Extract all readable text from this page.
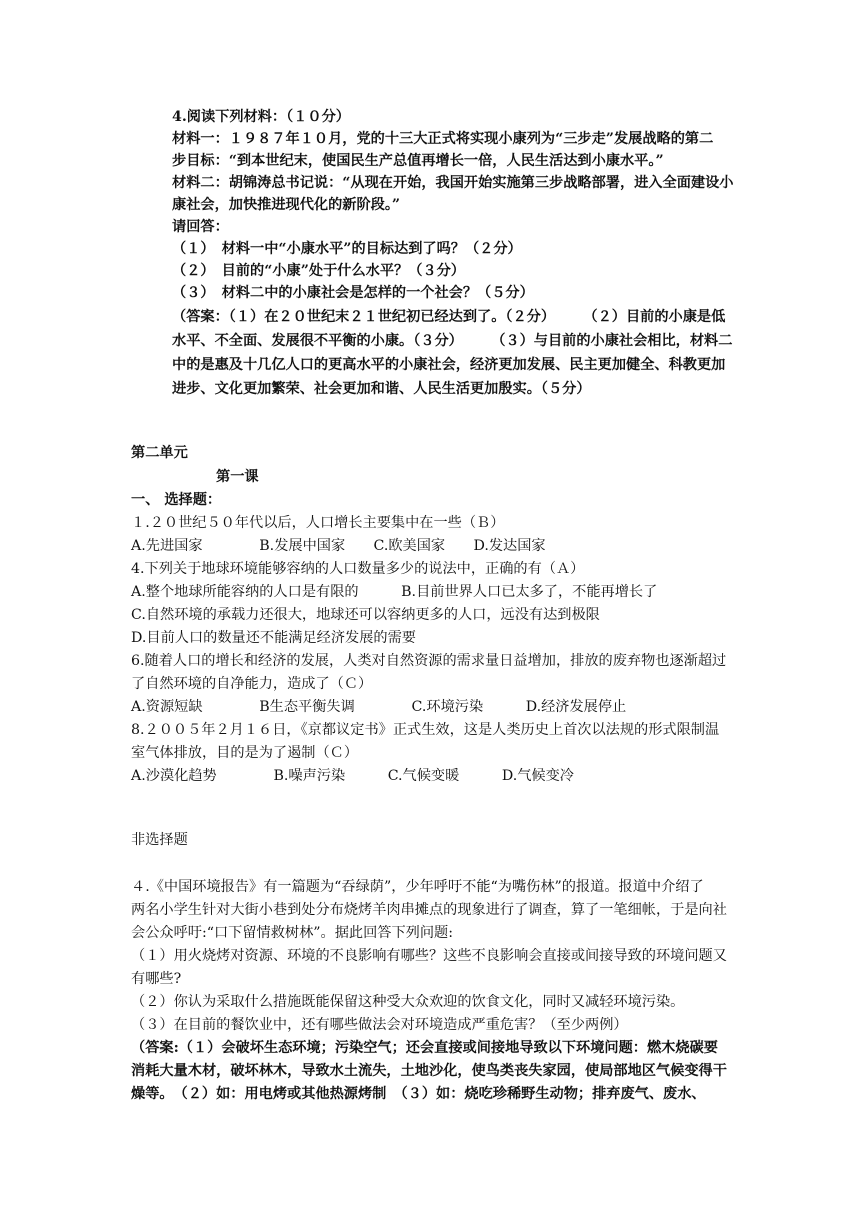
4.阅读下列材料：（１０分）
材料一：１９８７年１０月，党的十三大正式将实现小康列为“三步走”发展战略的第二
步目标：“到本世纪末，使国民生产总值再增长一倍，人民生活达到小康水平。”
材料二：胡锦涛总书记说：“从现在开始，我国开始实施第三步战略部署，进入全面建设小
康社会，加快推进现代化的新阶段。”
请回答：
（１）　材料一中“小康水平”的目标达到了吗？（２分）
（２）　目前的“小康”处于什么水平？（３分）
（３）　材料二中的小康社会是怎样的一个社会？（５分）
（答案：（１）在２０世纪末２１世纪初已经达到了。（２分）　　　（２）目前的小康是低
水平、不全面、发展很不平衡的小康。（３分）　　　（３）与目前的小康社会相比，材料二
中的是惠及十几亿人口的更高水平的小康社会，经济更加发展、民主更加健全、科教更加
进步、文化更加繁荣、社会更加和谐、人民生活更加殷实。（５分）
第二单元
第一课
一、 选择题：
１.２０世纪５０年代以后，人口增长主要集中在一些（Ｂ）
A.先进国家　　　　B.发展中国家　　C.欧美国家　　D.发达国家
4.下列关于地球环境能够容纳的人口数量多少的说法中，正确的有（Ａ）
A.整个地球所能容纳的人口是有限的　　　B.目前世界人口已太多了，不能再增长了
C.自然环境的承载力还很大，地球还可以容纳更多的人口，远没有达到极限
D.目前人口的数量还不能满足经济发展的需要
6.随着人口的增长和经济的发展，人类对自然资源的需求量日益增加，排放的废弃物也逐渐超过
了自然环境的自净能力，造成了（Ｃ）
A.资源短缺　　　　B生态平衡失调　　　　C.环境污染　　　D.经济发展停止
8.２００５年２月１６日，《京都议定书》正式生效，这是人类历史上首次以法规的形式限制温
室气体排放，目的是为了遏制（Ｃ）
A.沙漠化趋势　　　　B.噪声污染　　　C.气候变暖　　　D.气候变冷
非选择题
４.《中国环境报告》有一篇题为“吞绿荫”，少年呼吁不能“为嘴伤林”的报道。报道中介绍了
两名小学生针对大街小巷到处分布烧烤羊肉串摊点的现象进行了调查，算了一笔细帐，于是向社
会公众呼吁:“口下留情救树林”。据此回答下列问题:
（１）用火烧烤对资源、环境的不良影响有哪些？这些不良影响会直接或间接导致的环境问题又
有哪些?
（２）你认为采取什么措施既能保留这种受大众欢迎的饮食文化，同时又减轻环境污染。
（３）在目前的餐饮业中，还有哪些做法会对环境造成严重危害？（至少两例）
（答案:（１）会破坏生态环境；污染空气；还会直接或间接地导致以下环境问题：燃木烧碳要
消耗大量木材，破坏林木，导致水土流失，土地沙化，使鸟类丧失家园，使局部地区气候变得干
燥等。　（２）如：用电烤或其他热源烤制　（３）如：烧吃珍稀野生动物；排弃废气、废水、
